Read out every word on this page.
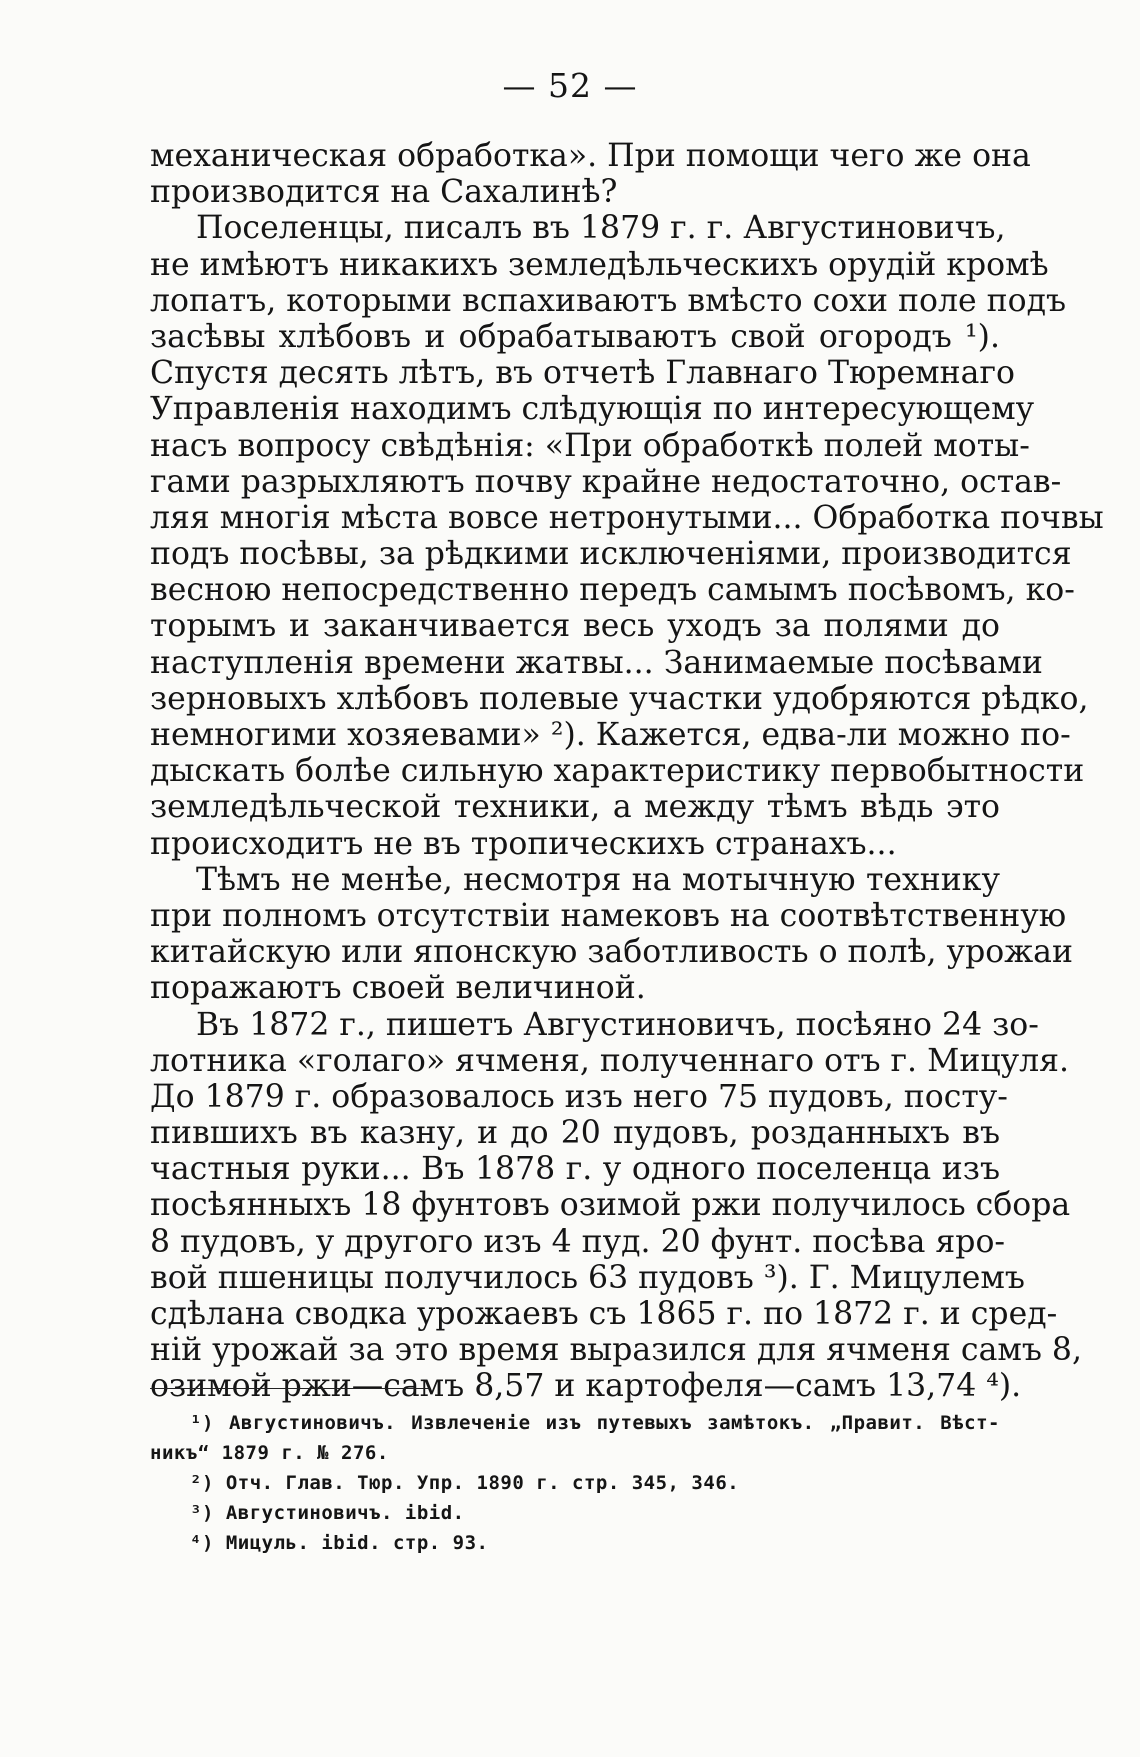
— 52 —
механическая обработка». При помощи чего же она
производится на Сахалинѣ?
Поселенцы, писалъ въ 1879 г. г. Августиновичъ,
не имѣютъ никакихъ земледѣльческихъ орудій кромѣ
лопатъ, которыми вспахиваютъ вмѣсто сохи поле подъ
засѣвы хлѣбовъ и обрабатываютъ свой огородъ ¹).
Спустя десять лѣтъ, въ отчетѣ Главнаго Тюремнаго
Управленія находимъ слѣдующія по интересующему
насъ вопросу свѣдѣнія: «При обработкѣ полей моты-
гами разрыхляютъ почву крайне недостаточно, остав-
ляя многія мѣста вовсе нетронутыми... Обработка почвы
подъ посѣвы, за рѣдкими исключеніями, производится
весною непосредственно передъ самымъ посѣвомъ, ко-
торымъ и заканчивается весь уходъ за полями до
наступленія времени жатвы... Занимаемые посѣвами
зерновыхъ хлѣбовъ полевые участки удобряются рѣдко,
немногими хозяевами» ²). Кажется, едва-ли можно по-
дыскать болѣе сильную характеристику первобытности
земледѣльческой техники, а между тѣмъ вѣдь это
происходитъ не въ тропическихъ странахъ...
Тѣмъ не менѣе, несмотря на мотычную технику
при полномъ отсутствіи намековъ на соотвѣтственную
китайскую или японскую заботливость о полѣ, урожаи
поражаютъ своей величиной.
Въ 1872 г., пишетъ Августиновичъ, посѣяно 24 зо-
лотника «голаго» ячменя, полученнаго отъ г. Мицуля.
До 1879 г. образовалось изъ него 75 пудовъ, посту-
пившихъ въ казну, и до 20 пудовъ, розданныхъ въ
частныя руки... Въ 1878 г. у одного поселенца изъ
посѣянныхъ 18 фунтовъ озимой ржи получилось сбора
8 пудовъ, у другого изъ 4 пуд. 20 фунт. посѣва яро-
вой пшеницы получилось 63 пудовъ ³). Г. Мицулемъ
сдѣлана сводка урожаевъ съ 1865 г. по 1872 г. и сред-
ній урожай за это время выразился для ячменя самъ 8,
озимой ржи—самъ 8,57 и картофеля—самъ 13,74 ⁴).
¹) Августиновичъ. Извлеченіе изъ путевыхъ замѣтокъ. „Правит. Вѣст-
никъ“ 1879 г. № 276.
²) Отч. Глав. Тюр. Упр. 1890 г. стр. 345, 346.
³) Августиновичъ. ibid.
⁴) Мицуль. ibid. стр. 93.
